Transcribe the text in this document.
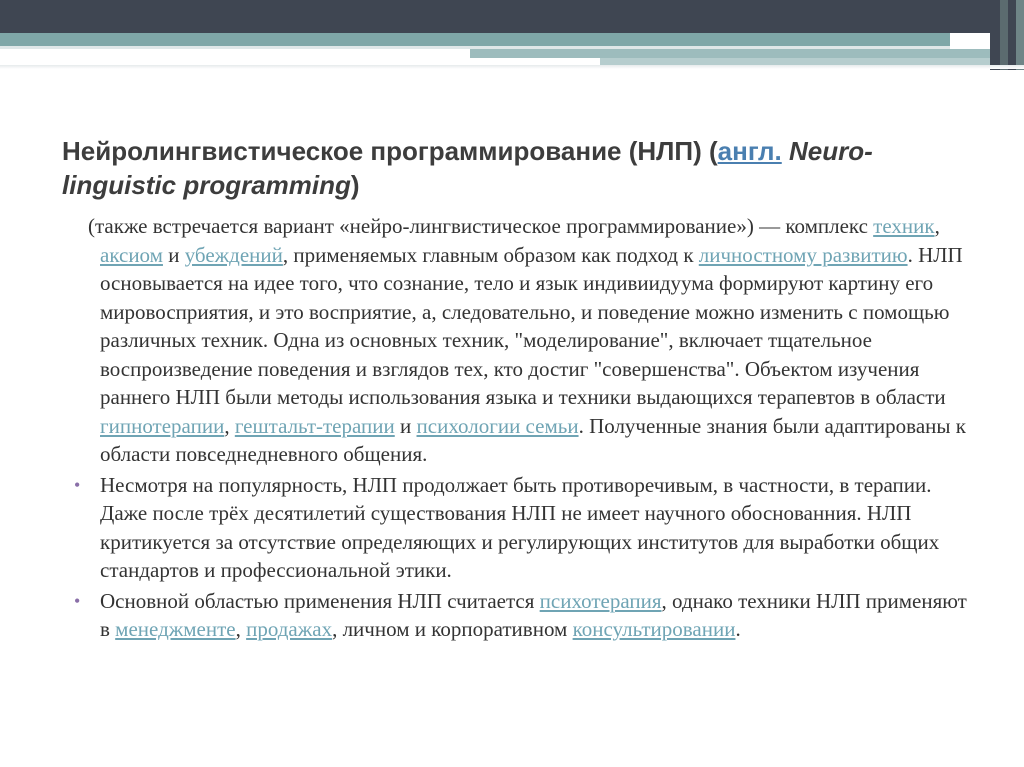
Нейролингвистическое программирование (НЛП) (англ. Neuro-linguistic programming)
(также встречается вариант «нейро-лингвистическое программирование») — комплекс техник, аксиом и убеждений, применяемых главным образом как подход к личностному развитию. НЛП основывается на идее того, что сознание, тело и язык индивиидуума формируют картину его мировосприятия, и это восприятие, а, следовательно, и поведение можно изменить с помощью различных техник. Одна из основных техник, "моделирование", включает тщательное воспроизведение поведения и взглядов тех, кто достиг "совершенства". Объектом изучения раннего НЛП были методы использования языка и техники выдающихся терапевтов в области гипнотерапии, гештальт-терапии и психологии семьи. Полученные знания были адаптированы к области повседнедневного общения.
• Несмотря на популярность, НЛП продолжает быть противоречивым, в частности, в терапии. Даже после трёх десятилетий существования НЛП не имеет научного обоснованния. НЛП критикуется за отсутствие определяющих и регулирующих институтов для выработки общих стандартов и профессиональной этики.
• Основной областью применения НЛП считается психотерапия, однако техники НЛП применяют в менеджменте, продажах, личном и корпоративном консультировании.
